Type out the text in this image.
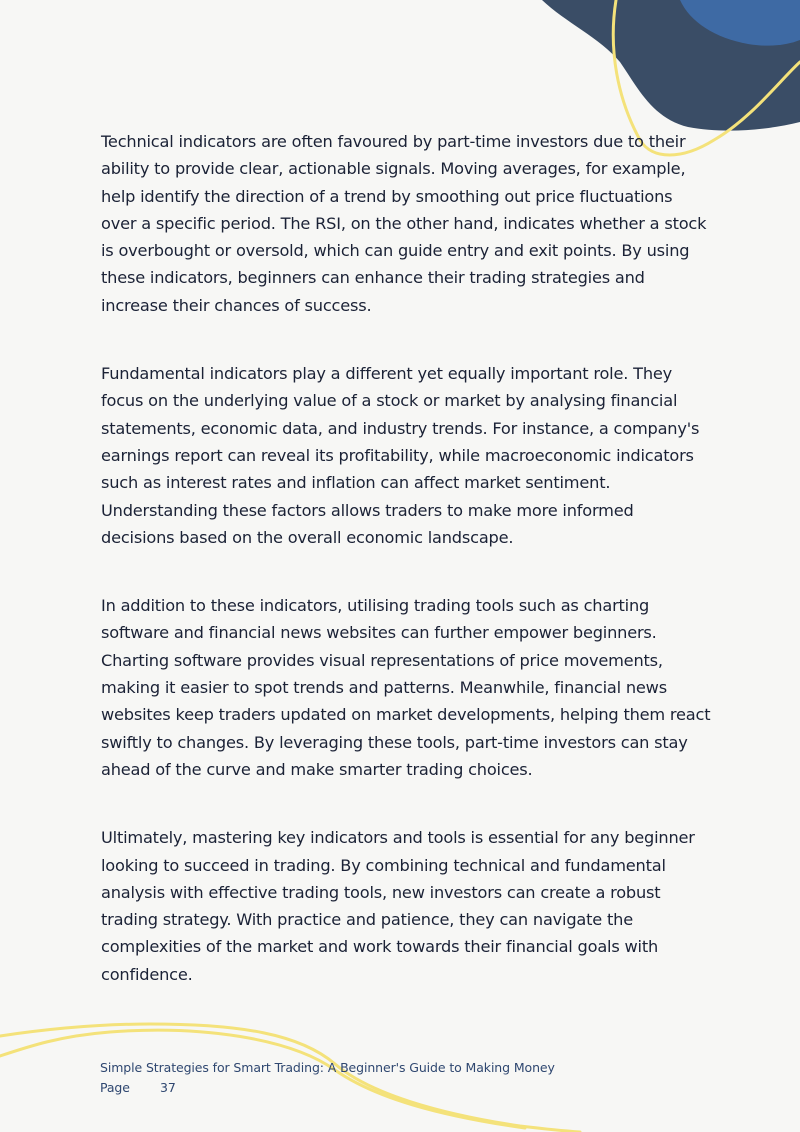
Technical indicators are often favoured by part-time investors due to their ability to provide clear, actionable signals. Moving averages, for example, help identify the direction of a trend by smoothing out price fluctuations over a specific period. The RSI, on the other hand, indicates whether a stock is overbought or oversold, which can guide entry and exit points. By using these indicators, beginners can enhance their trading strategies and increase their chances of success.

Fundamental indicators play a different yet equally important role. They focus on the underlying value of a stock or market by analysing financial statements, economic data, and industry trends. For instance, a company's earnings report can reveal its profitability, while macroeconomic indicators such as interest rates and inflation can affect market sentiment. Understanding these factors allows traders to make more informed decisions based on the overall economic landscape.

In addition to these indicators, utilising trading tools such as charting software and financial news websites can further empower beginners. Charting software provides visual representations of price movements, making it easier to spot trends and patterns. Meanwhile, financial news websites keep traders updated on market developments, helping them react swiftly to changes. By leveraging these tools, part-time investors can stay ahead of the curve and make smarter trading choices.

Ultimately, mastering key indicators and tools is essential for any beginner looking to succeed in trading. By combining technical and fundamental analysis with effective trading tools, new investors can create a robust trading strategy. With practice and patience, they can navigate the complexities of the market and work towards their financial goals with confidence.

Simple Strategies for Smart Trading: A Beginner's Guide to Making Money
Page 37
